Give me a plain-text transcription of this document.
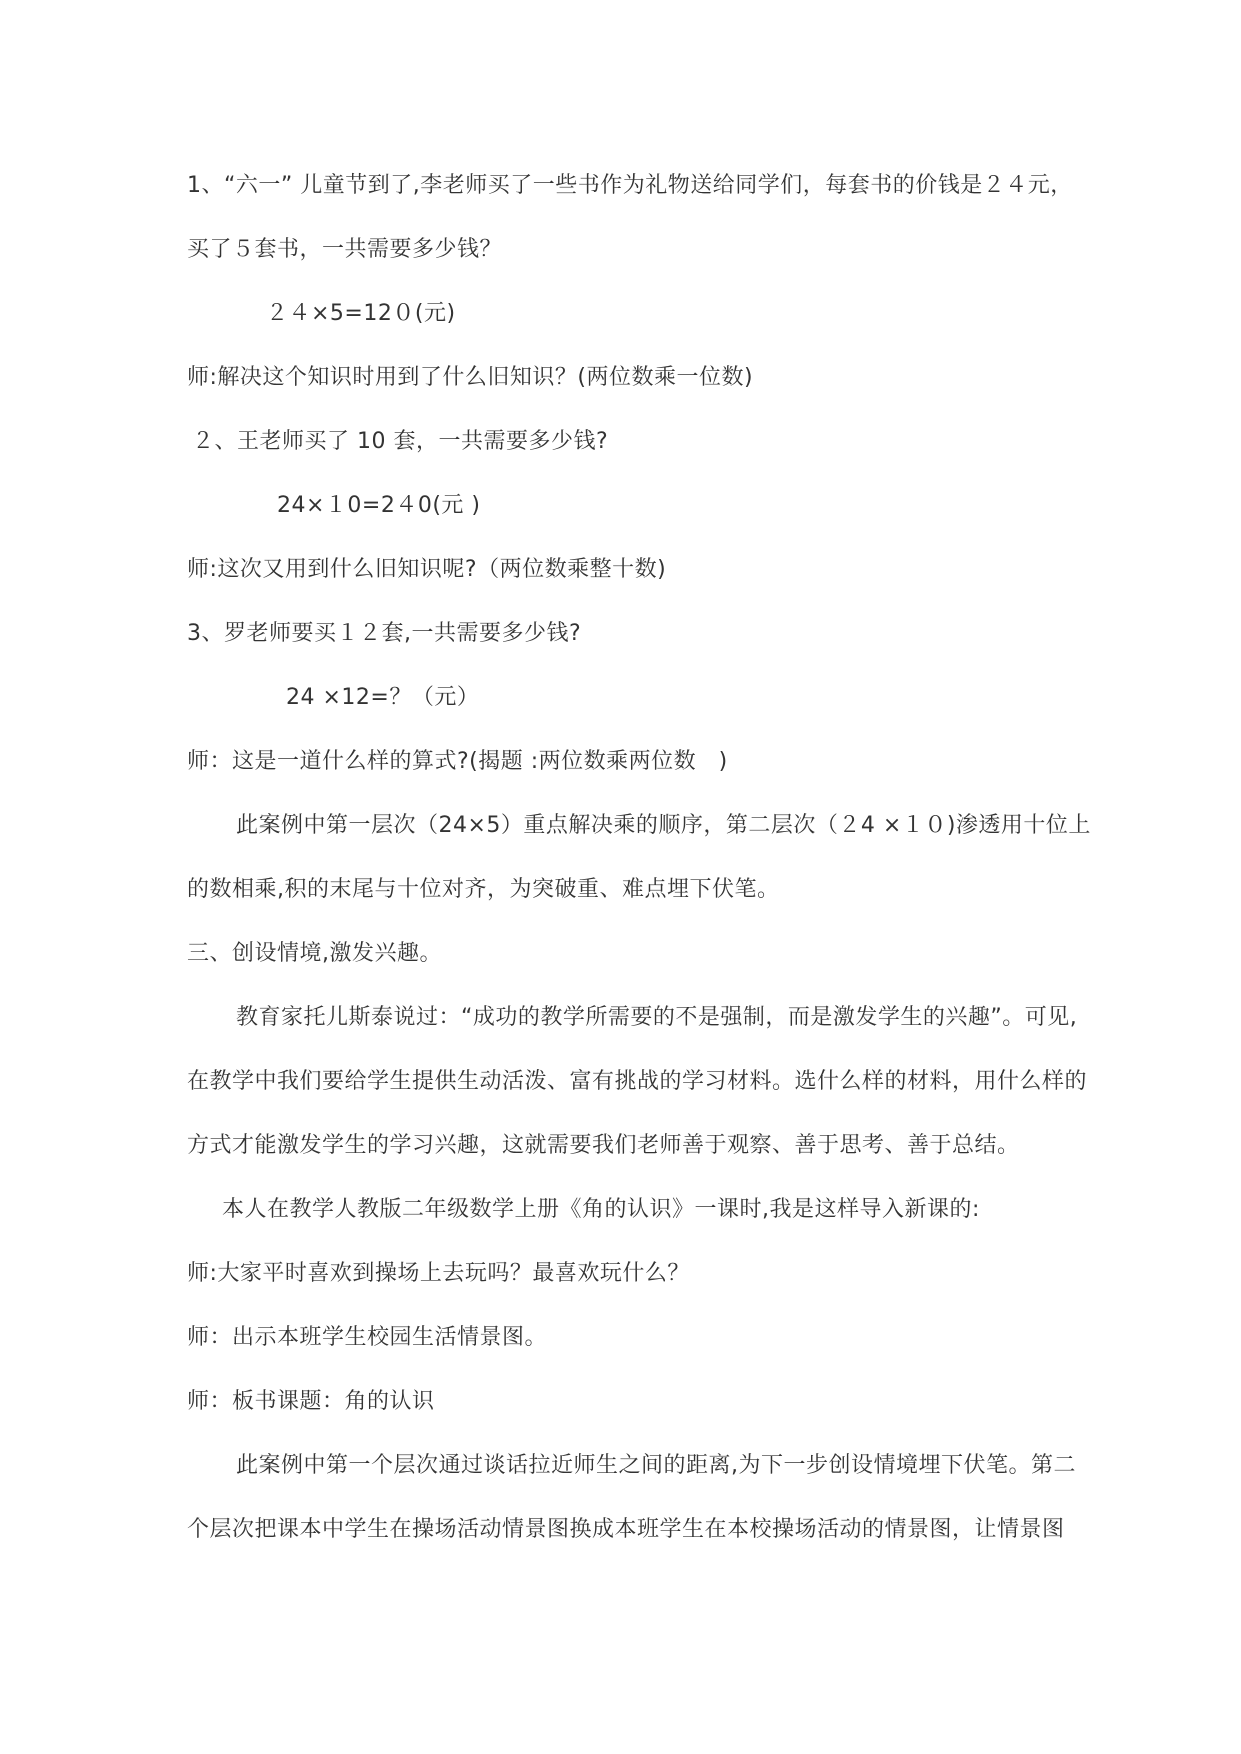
1、“六一” 儿童节到了,李老师买了一些书作为礼物送给同学们，每套书的价钱是２４元，
买了５套书，一共需要多少钱？
２４×5=12０(元)
师:解决这个知识时用到了什么旧知识？(两位数乘一位数)
２、王老师买了 10 套，一共需要多少钱?
24×１0=2４0(元 )
师:这次又用到什么旧知识呢?（两位数乘整十数)
3、罗老师要买１２套,一共需要多少钱?
24 ×12=？（元）
师：这是一道什么样的算式?(揭题 :两位数乘两位数　)
此案例中第一层次（24×5）重点解决乘的顺序，第二层次（２4 ×１０)渗透用十位上
的数相乘,积的末尾与十位对齐，为突破重、难点埋下伏笔。
三、创设情境,激发兴趣。
教育家托儿斯泰说过：“成功的教学所需要的不是强制，而是激发学生的兴趣”。可见,
在教学中我们要给学生提供生动活泼、富有挑战的学习材料。选什么样的材料，用什么样的
方式才能激发学生的学习兴趣，这就需要我们老师善于观察、善于思考、善于总结。
本人在教学人教版二年级数学上册《角的认识》一课时,我是这样导入新课的:
师:大家平时喜欢到操场上去玩吗？最喜欢玩什么？
师：出示本班学生校园生活情景图。
师：板书课题：角的认识
此案例中第一个层次通过谈话拉近师生之间的距离,为下一步创设情境埋下伏笔。第二
个层次把课本中学生在操场活动情景图换成本班学生在本校操场活动的情景图，让情景图
